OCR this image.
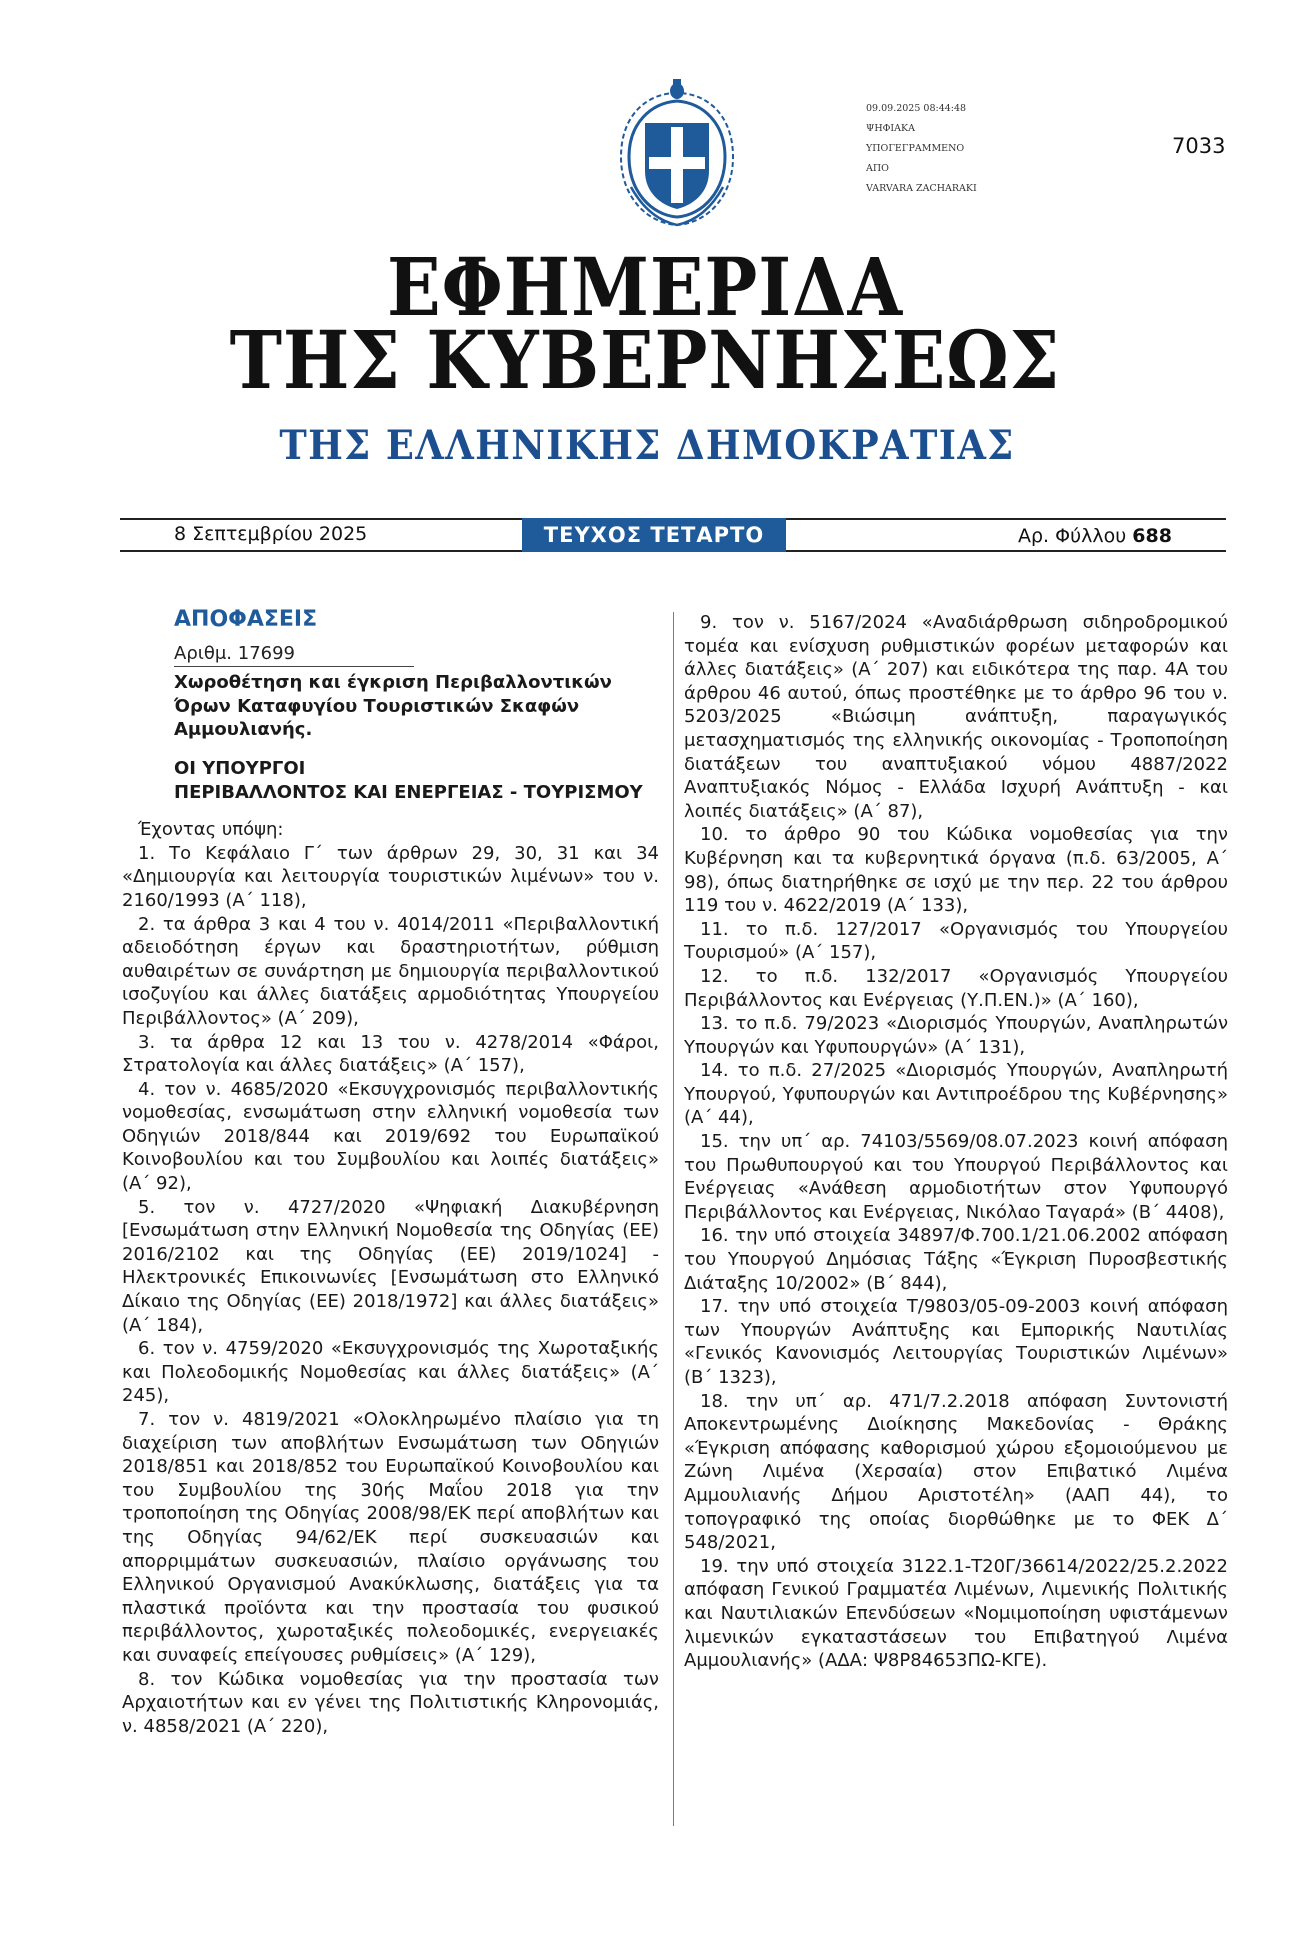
09.09.2025 08:44:48
ΨΗΦΙΑΚΑ
ΥΠΟΓΕΓΡΑΜΜΕΝΟ
ΑΠΟ
VARVARA ZACHARAKI
7033
ΕΦΗΜΕΡΙΔΑ
ΤΗΣ ΚΥΒΕΡΝΗΣΕΩΣ
ΤΗΣ ΕΛΛΗΝΙΚΗΣ ΔΗΜΟΚΡΑΤΙΑΣ
8 Σεπτεμβρίου 2025	ΤΕΥΧΟΣ ΤΕΤΑΡΤΟ	Αρ. Φύλλου 688
ΑΠΟΦΑΣΕΙΣ
Αριθμ. 17699
Χωροθέτηση και έγκριση Περιβαλλοντικών Όρων Καταφυγίου Τουριστικών Σκαφών Αμμουλιανής.
ΟΙ ΥΠΟΥΡΓΟΙ
ΠΕΡΙΒΑΛΛΟΝΤΟΣ ΚΑΙ ΕΝΕΡΓΕΙΑΣ - ΤΟΥΡΙΣΜΟΥ
Έχοντας υπόψη:

1. Το Κεφάλαιο Γ΄ των άρθρων 29, 30, 31 και 34 «Δημιουργία και λειτουργία τουριστικών λιμένων» του ν. 2160/1993 (Α΄ 118),

2. τα άρθρα 3 και 4 του ν. 4014/2011 «Περιβαλλοντική αδειοδότηση έργων και δραστηριοτήτων, ρύθμιση αυθαιρέτων σε συνάρτηση με δημιουργία περιβαλλοντικού ισοζυγίου και άλλες διατάξεις αρμοδιότητας Υπουργείου Περιβάλλοντος» (Α΄ 209),

3. τα άρθρα 12 και 13 του ν. 4278/2014 «Φάροι, Στρατολογία και άλλες διατάξεις» (Α΄ 157),

4. τον ν. 4685/2020 «Εκσυγχρονισμός περιβαλλοντικής νομοθεσίας, ενσωμάτωση στην ελληνική νομοθεσία των Οδηγιών 2018/844 και 2019/692 του Ευρωπαϊκού Κοινοβουλίου και του Συμβουλίου και λοιπές διατάξεις» (Α΄ 92),

5. τον ν. 4727/2020 «Ψηφιακή Διακυβέρνηση [Ενσωμάτωση στην Ελληνική Νομοθεσία της Οδηγίας (ΕΕ) 2016/2102 και της Οδηγίας (ΕΕ) 2019/1024] - Ηλεκτρονικές Επικοινωνίες [Ενσωμάτωση στο Ελληνικό Δίκαιο της Οδηγίας (ΕΕ) 2018/1972] και άλλες διατάξεις» (Α΄ 184),

6. τον ν. 4759/2020 «Εκσυγχρονισμός της Χωροταξικής και Πολεοδομικής Νομοθεσίας και άλλες διατάξεις» (Α΄ 245),

7. τον ν. 4819/2021 «Ολοκληρωμένο πλαίσιο για τη διαχείριση των αποβλήτων Ενσωμάτωση των Οδηγιών 2018/851 και 2018/852 του Ευρωπαϊκού Κοινοβουλίου και του Συμβουλίου της 30ής Μαΐου 2018 για την τροποποίηση της Οδηγίας 2008/98/ΕΚ περί αποβλήτων και της Οδηγίας 94/62/ΕΚ περί συσκευασιών και απορριμμάτων συσκευασιών, πλαίσιο οργάνωσης του Ελληνικού Οργανισμού Ανακύκλωσης, διατάξεις για τα πλαστικά προϊόντα και την προστασία του φυσικού περιβάλλοντος, χωροταξικές πολεοδομικές, ενεργειακές και συναφείς επείγουσες ρυθμίσεις» (Α΄ 129),

8. τον Κώδικα νομοθεσίας για την προστασία των Αρχαιοτήτων και εν γένει της Πολιτιστικής Κληρονομιάς, ν. 4858/2021 (Α΄ 220),

9. τον ν. 5167/2024 «Αναδιάρθρωση σιδηροδρομικού τομέα και ενίσχυση ρυθμιστικών φορέων μεταφορών και άλλες διατάξεις» (Α΄ 207) και ειδικότερα της παρ. 4Α του άρθρου 46 αυτού, όπως προστέθηκε με το άρθρο 96 του ν. 5203/2025 «Βιώσιμη ανάπτυξη, παραγωγικός μετασχηματισμός της ελληνικής οικονομίας - Τροποποίηση διατάξεων του αναπτυξιακού νόμου 4887/2022 Αναπτυξιακός Νόμος - Ελλάδα Ισχυρή Ανάπτυξη - και λοιπές διατάξεις» (Α΄ 87),

10. το άρθρο 90 του Κώδικα νομοθεσίας για την Κυβέρνηση και τα κυβερνητικά όργανα (π.δ. 63/2005, Α΄ 98), όπως διατηρήθηκε σε ισχύ με την περ. 22 του άρθρου 119 του ν. 4622/2019 (Α΄ 133),

11. το π.δ. 127/2017 «Οργανισμός του Υπουργείου Τουρισμού» (Α΄ 157),

12. το π.δ. 132/2017 «Οργανισμός Υπουργείου Περιβάλλοντος και Ενέργειας (Υ.Π.ΕΝ.)» (Α΄ 160),

13. το π.δ. 79/2023 «Διορισμός Υπουργών, Αναπληρωτών Υπουργών και Υφυπουργών» (Α΄ 131),

14. το π.δ. 27/2025 «Διορισμός Υπουργών, Αναπληρωτή Υπουργού, Υφυπουργών και Αντιπροέδρου της Κυβέρνησης» (Α΄ 44),

15. την υπ΄ αρ. 74103/5569/08.07.2023 κοινή απόφαση του Πρωθυπουργού και του Υπουργού Περιβάλλοντος και Ενέργειας «Ανάθεση αρμοδιοτήτων στον Υφυπουργό Περιβάλλοντος και Ενέργειας, Νικόλαο Ταγαρά» (Β΄ 4408),

16. την υπό στοιχεία 34897/Φ.700.1/21.06.2002 απόφαση του Υπουργού Δημόσιας Τάξης «Έγκριση Πυροσβεστικής Διάταξης 10/2002» (Β΄ 844),

17. την υπό στοιχεία Τ/9803/05-09-2003 κοινή απόφαση των Υπουργών Ανάπτυξης και Εμπορικής Ναυτιλίας «Γενικός Κανονισμός Λειτουργίας Τουριστικών Λιμένων» (Β΄ 1323),

18. την υπ΄ αρ. 471/7.2.2018 απόφαση Συντονιστή Αποκεντρωμένης Διοίκησης Μακεδονίας - Θράκης «Έγκριση απόφασης καθορισμού χώρου εξομοιούμενου με Ζώνη Λιμένα (Χερσαία) στον Επιβατικό Λιμένα Αμμουλιανής Δήμου Αριστοτέλη» (ΑΑΠ 44), το τοπογραφικό της οποίας διορθώθηκε με το ΦΕΚ Δ΄ 548/2021,

19. την υπό στοιχεία 3122.1-Τ20Γ/36614/2022/25.2.2022 απόφαση Γενικού Γραμματέα Λιμένων, Λιμενικής Πολιτικής και Ναυτιλιακών Επενδύσεων «Νομιμοποίηση υφιστάμενων λιμενικών εγκαταστάσεων του Επιβατηγού Λιμένα Αμμουλιανής» (ΑΔΑ: Ψ8Ρ84653ΠΩ-ΚΓΕ).
